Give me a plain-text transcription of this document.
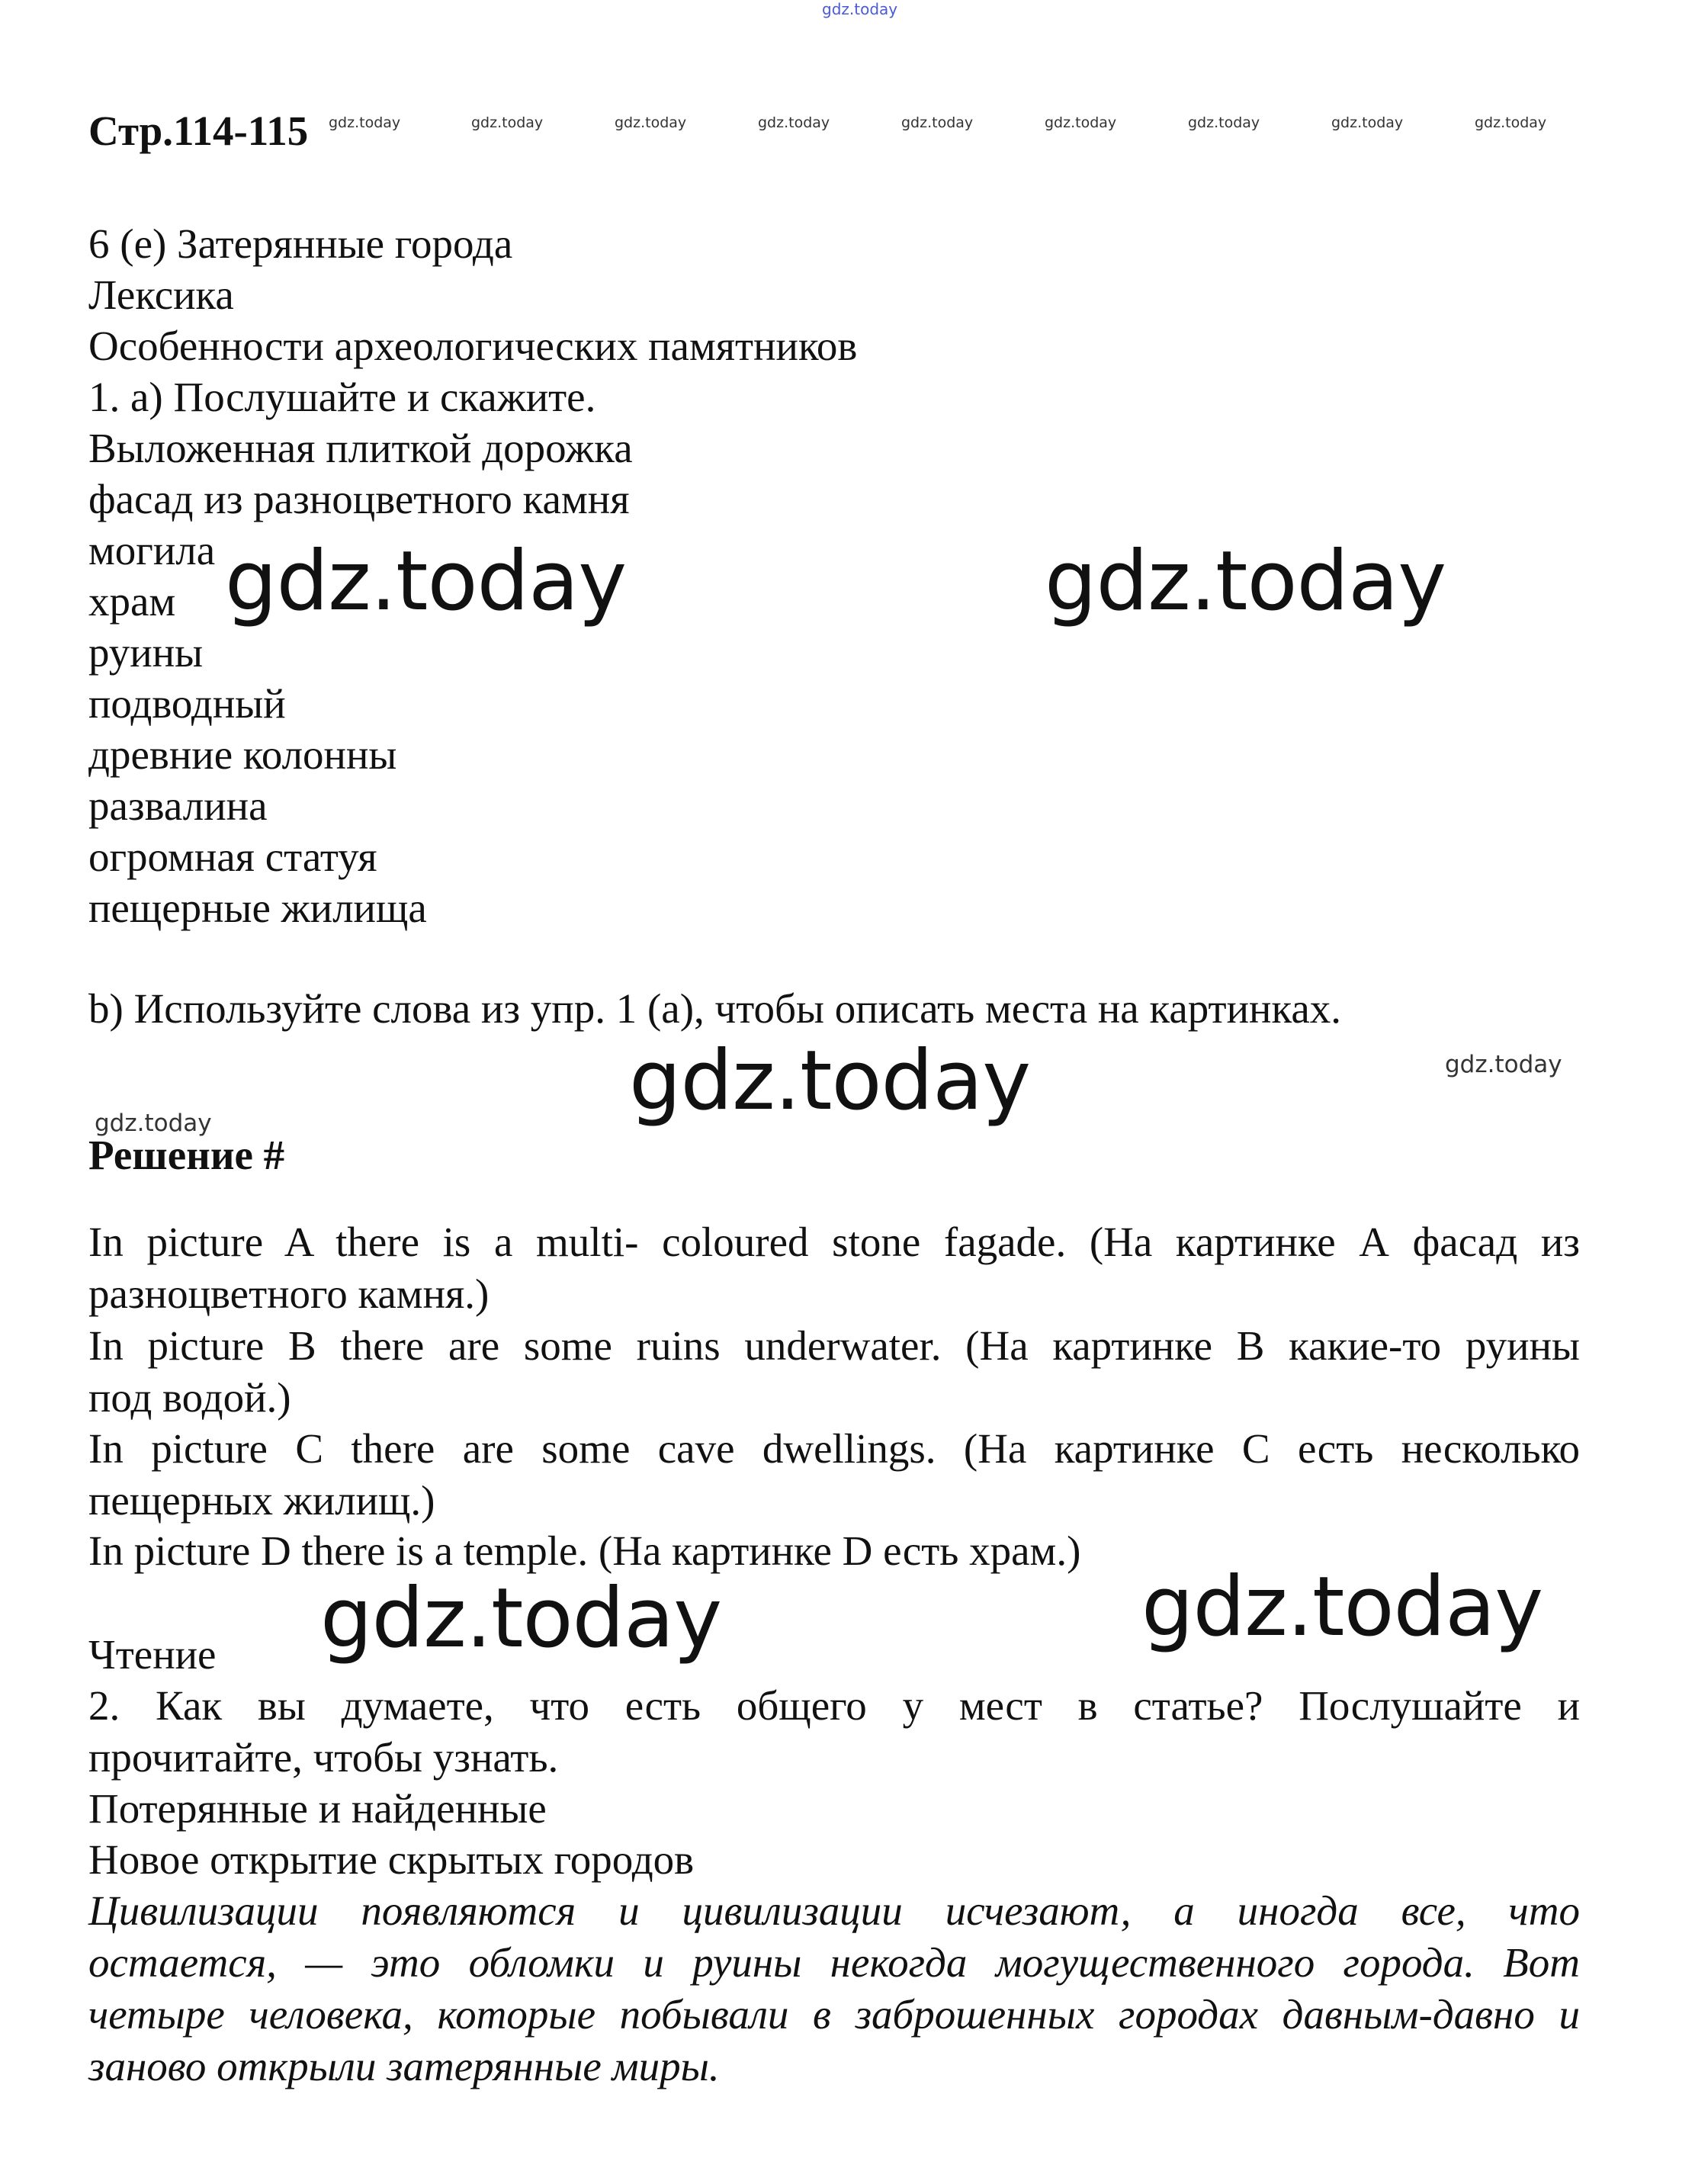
gdz.today
Стр.114-115 gdz.today	gdz.today	gdz.today	gdz.today	gdz.today	gdz.today	gdz.today	gdz.today	gdz.today
6 (е) Затерянные города
Лексика
Особенности археологических памятников
1. а) Послушайте и скажите.
Выложенная плиткой дорожка
фасад из разноцветного камня
могила
храм
руины
подводный
древние колонны
развалина
огромная статуя
пещерные жилища
b) Используйте слова из упр. 1 (а), чтобы описать места на картинках.
gdz.today	gdz.today
gdz.today	gdz.today
gdz.today
Решение #
In picture A there is a multi- coloured stone fagade. (На картинке А фасад из
разноцветного камня.)
In picture B there are some ruins underwater. (На картинке В какие-то руины
под водой.)
In picture C there are some cave dwellings. (На картинке С есть несколько
пещерных жилищ.)
In picture D there is a temple. (На картинке D есть храм.)
gdz.today	gdz.today
Чтение
2. Как вы думаете, что есть общего у мест в статье? Послушайте и
прочитайте, чтобы узнать.
Потерянные и найденные
Новое открытие скрытых городов
Цивилизации появляются и цивилизации исчезают, а иногда все, что
остается, — это обломки и руины некогда могущественного города. Вот
четыре человека, которые побывали в заброшенных городах давным-давно и
заново открыли затерянные миры.
